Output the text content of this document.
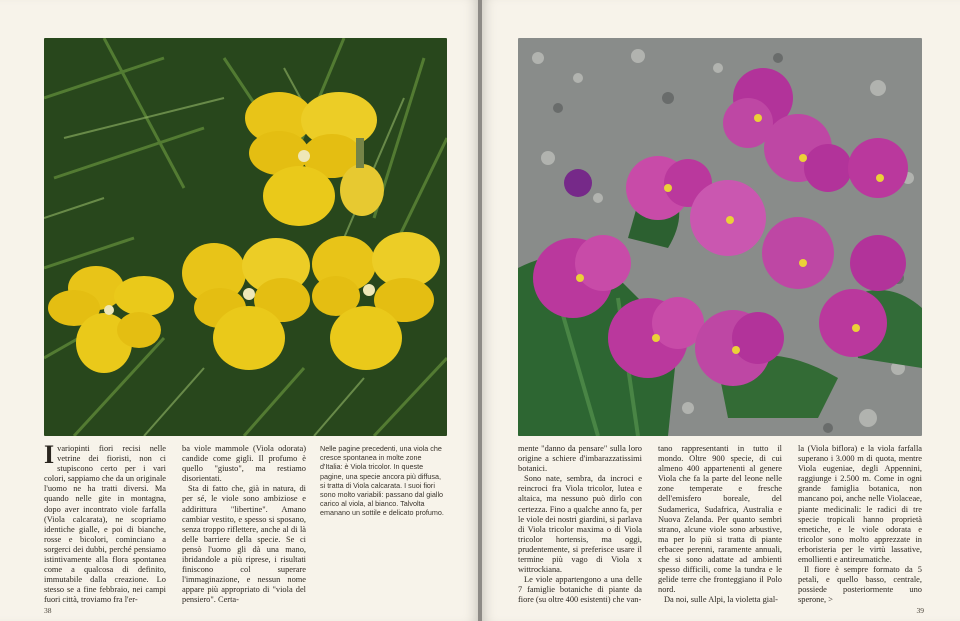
Ivariopinti fiori recisi nelle vetrine dei fioristi, non ci stupiscono certo per i vari colori, sappiamo che da un originale l'uomo ne ha tratti diversi. Ma quando nelle gite in montagna, dopo aver incontrato viole farfalla (Viola calcarata), ne scopriamo identiche gialle, e poi di bianche, rosse e bicolori, cominciano a sorgerci dei dubbi, perché pensiamo istintivamente alla flora spontanea come a qualcosa di definito, immutabile dalla creazione. Lo stesso se a fine febbraio, nei campi fuori città, troviamo fra l'er-

ba viole mammole (Viola odorata) candide come gigli. Il profumo è quello "giusto", ma restiamo disorientati.

Sta di fatto che, già in natura, di per sé, le viole sono ambiziose e addirittura "libertine". Amano cambiar vestito, e spesso si sposano, senza troppo riflettere, anche al di là delle barriere della specie. Se ci pensò l'uomo gli dà una mano, ibridandole a più riprese, i risultati finiscono col superare l'immaginazione, e nessun nome appare più appropriato di "viola del pensiero". Certa-

Nelle pagine precedenti, una viola che cresce spontanea in molte zone d'Italia: è Viola tricolor. In queste pagine, una specie ancora più diffusa, si tratta di Viola calcarata. I suoi fiori sono molto variabili: passano dal giallo carico al viola, al bianco. Talvolta emanano un sottile e delicato profumo.
38

mente "danno da pensare" sulla loro origine a schiere d'imbarazzatissimi botanici.

Sono nate, sembra, da incroci e reincroci fra Viola tricolor, lutea e altaica, ma nessuno può dirlo con certezza. Fino a qualche anno fa, per le viole dei nostri giardini, si parlava di Viola tricolor maxima o di Viola tricolor hortensis, ma oggi, prudentemente, si preferisce usare il termine più vago di Viola x wittrockiana.

Le viole appartengono a una delle 7 famiglie botaniche di piante da fiore (su oltre 400 esistenti) che van-

tano rappresentanti in tutto il mondo. Oltre 900 specie, di cui almeno 400 appartenenti al genere Viola che fa la parte del leone nelle zone temperate e fresche dell'emisfero boreale, del Sudamerica, Sudafrica, Australia e Nuova Zelanda. Per quanto sembri strano, alcune viole sono arbustive, ma per lo più si tratta di piante erbacee perenni, raramente annuali, che si sono adattate ad ambienti spesso difficili, come la tundra e le gelide terre che fronteggiano il Polo nord.

Da noi, sulle Alpi, la violetta gial-

la (Viola biflora) e la viola farfalla superano i 3.000 m di quota, mentre Viola eugeniae, degli Appennini, raggiunge i 2.500 m. Come in ogni grande famiglia botanica, non mancano poi, anche nelle Violaceae, piante medicinali: le radici di tre specie tropicali hanno proprietà emetiche, e le viole odorata e tricolor sono molto apprezzate in erboristeria per le virtù lassative, emollienti e antireumatiche.

Il fiore è sempre formato da 5 petali, e quello basso, centrale, possiede posteriormente uno sperone, >

39
